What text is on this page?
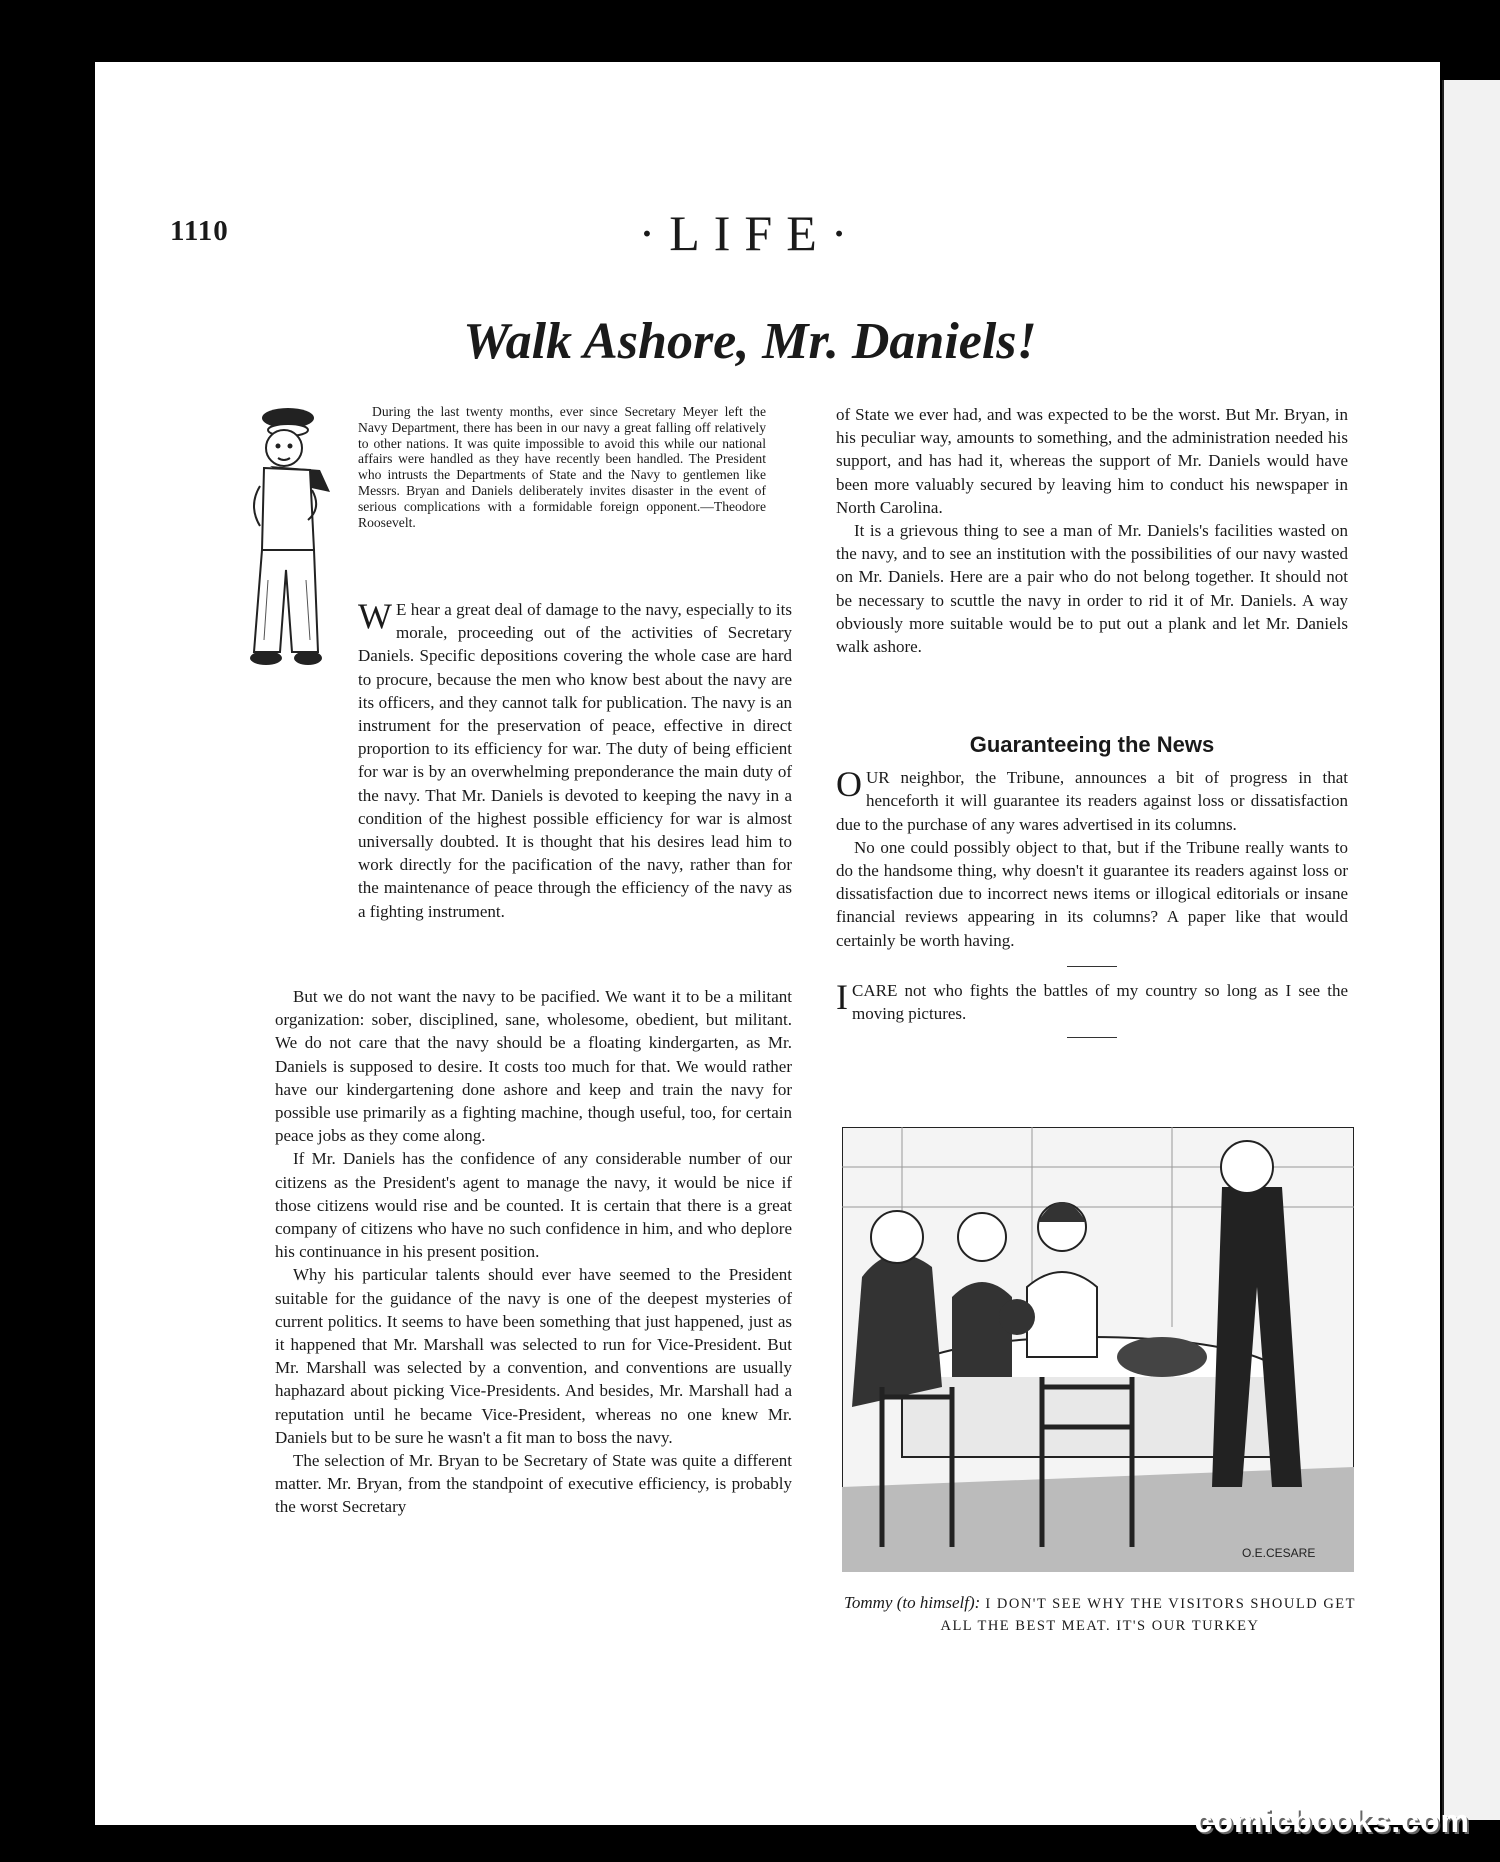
1110	·LIFE·
Walk Ashore, Mr. Daniels!

During the last twenty months, ever since Secretary Meyer left the Navy Department, there has been in our navy a great falling off relatively to other nations. It was quite impossible to avoid this while our national affairs were handled as they have recently been handled. The President who intrusts the Departments of State and the Navy to gentlemen like Messrs. Bryan and Daniels deliberately invites disaster in the event of serious complications with a formidable foreign opponent.—Theodore Roosevelt.

W E hear a great deal of damage to the navy, especially to its morale, proceeding out of the activities of Secretary Daniels. Specific depositions covering the whole case are hard to procure, because the men who know best about the navy are its officers, and they cannot talk for publication. The navy is an instrument for the preservation of peace, effective in direct proportion to its efficiency for war. The duty of being efficient for war is by an overwhelming preponderance the main duty of the navy. That Mr. Daniels is devoted to keeping the navy in a condition of the highest possible efficiency for war is almost universally doubted. It is thought that his desires lead him to work directly for the pacification of the navy, rather than for the maintenance of peace through the efficiency of the navy as a fighting instrument.

But we do not want the navy to be pacified. We want it to be a militant organization: sober, disciplined, sane, wholesome, obedient, but militant. We do not care that the navy should be a floating kindergarten, as Mr. Daniels is supposed to desire. It costs too much for that. We would rather have our kindergartening done ashore and keep and train the navy for possible use primarily as a fighting machine, though useful, too, for certain peace jobs as they come along.

If Mr. Daniels has the confidence of any considerable number of our citizens as the President's agent to manage the navy, it would be nice if those citizens would rise and be counted. It is certain that there is a great company of citizens who have no such confidence in him, and who deplore his continuance in his present position.

Why his particular talents should ever have seemed to the President suitable for the guidance of the navy is one of the deepest mysteries of current politics. It seems to have been something that just happened, just as it happened that Mr. Marshall was selected to run for Vice-President. But Mr. Marshall was selected by a convention, and conventions are usually haphazard about picking Vice-Presidents. And besides, Mr. Marshall had a reputation until he became Vice-President, whereas no one knew Mr. Daniels but to be sure he wasn't a fit man to boss the navy.

The selection of Mr. Bryan to be Secretary of State was quite a different matter. Mr. Bryan, from the standpoint of executive efficiency, is probably the worst Secretary

of State we ever had, and was expected to be the worst. But Mr. Bryan, in his peculiar way, amounts to something, and the administration needed his support, and has had it, whereas the support of Mr. Daniels would have been more valuably secured by leaving him to conduct his newspaper in North Carolina.

It is a grievous thing to see a man of Mr. Daniels's facilities wasted on the navy, and to see an institution with the possibilities of our navy wasted on Mr. Daniels. Here are a pair who do not belong together. It should not be necessary to scuttle the navy in order to rid it of Mr. Daniels. A way obviously more suitable would be to put out a plank and let Mr. Daniels walk ashore.

Guaranteeing the News

OUR neighbor, the Tribune, announces a bit of progress in that henceforth it will guarantee its readers against loss or dissatisfaction due to the purchase of any wares advertised in its columns.

No one could possibly object to that, but if the Tribune really wants to do the handsome thing, why doesn't it guarantee its readers against loss or dissatisfaction due to incorrect news items or illogical editorials or insane financial reviews appearing in its columns? A paper like that would certainly be worth having.

ICARE not who fights the battles of my country so long as I see the moving pictures.

O.E.CESARE
Tommy (to himself): I DON'T SEE WHY THE VISITORS SHOULD GET ALL THE BEST MEAT. IT'S OUR TURKEY
comicbooks.com
